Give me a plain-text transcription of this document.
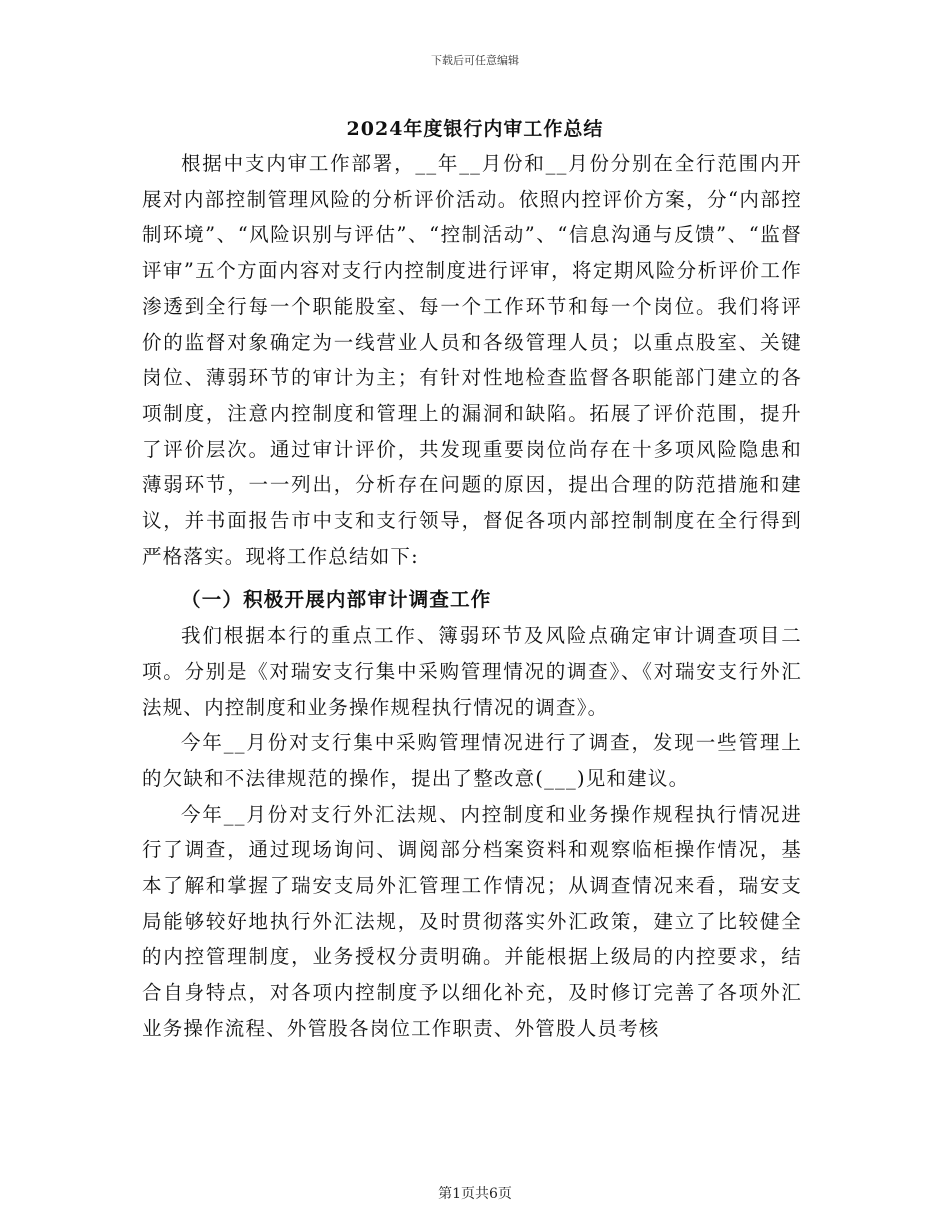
下载后可任意编辑
2024年度银行内审工作总结

根据中支内审工作部署，__年__月份和__月份分别在全行范围内开展对内部控制管理风险的分析评价活动。依照内控评价方案，分“内部控制环境”、“风险识别与评估”、“控制活动”、“信息沟通与反馈”、“监督评审”五个方面内容对支行内控制度进行评审，将定期风险分析评价工作渗透到全行每一个职能股室、每一个工作环节和每一个岗位。我们将评价的监督对象确定为一线营业人员和各级管理人员；以重点股室、关键岗位、薄弱环节的审计为主；有针对性地检查监督各职能部门建立的各项制度，注意内控制度和管理上的漏洞和缺陷。拓展了评价范围，提升了评价层次。通过审计评价，共发现重要岗位尚存在十多项风险隐患和薄弱环节，一一列出，分析存在问题的原因，提出合理的防范措施和建议，并书面报告市中支和支行领导，督促各项内部控制制度在全行得到严格落实。现将工作总结如下:

（一）积极开展内部审计调查工作

我们根据本行的重点工作、簿弱环节及风险点确定审计调查项目二项。分别是《对瑞安支行集中采购管理情况的调查》、《对瑞安支行外汇法规、内控制度和业务操作规程执行情况的调查》。

今年__月份对支行集中采购管理情况进行了调查，发现一些管理上的欠缺和不法律规范的操作，提出了整改意(___)见和建议。

今年__月份对支行外汇法规、内控制度和业务操作规程执行情况进行了调查，通过现场询问、调阅部分档案资料和观察临柜操作情况，基本了解和掌握了瑞安支局外汇管理工作情况；从调查情况来看，瑞安支局能够较好地执行外汇法规，及时贯彻落实外汇政策，建立了比较健全的内控管理制度，业务授权分责明确。并能根据上级局的内控要求，结合自身特点，对各项内控制度予以细化补充，及时修订完善了各项外汇业务操作流程、外管股各岗位工作职责、外管股人员考核

第1页共6页
